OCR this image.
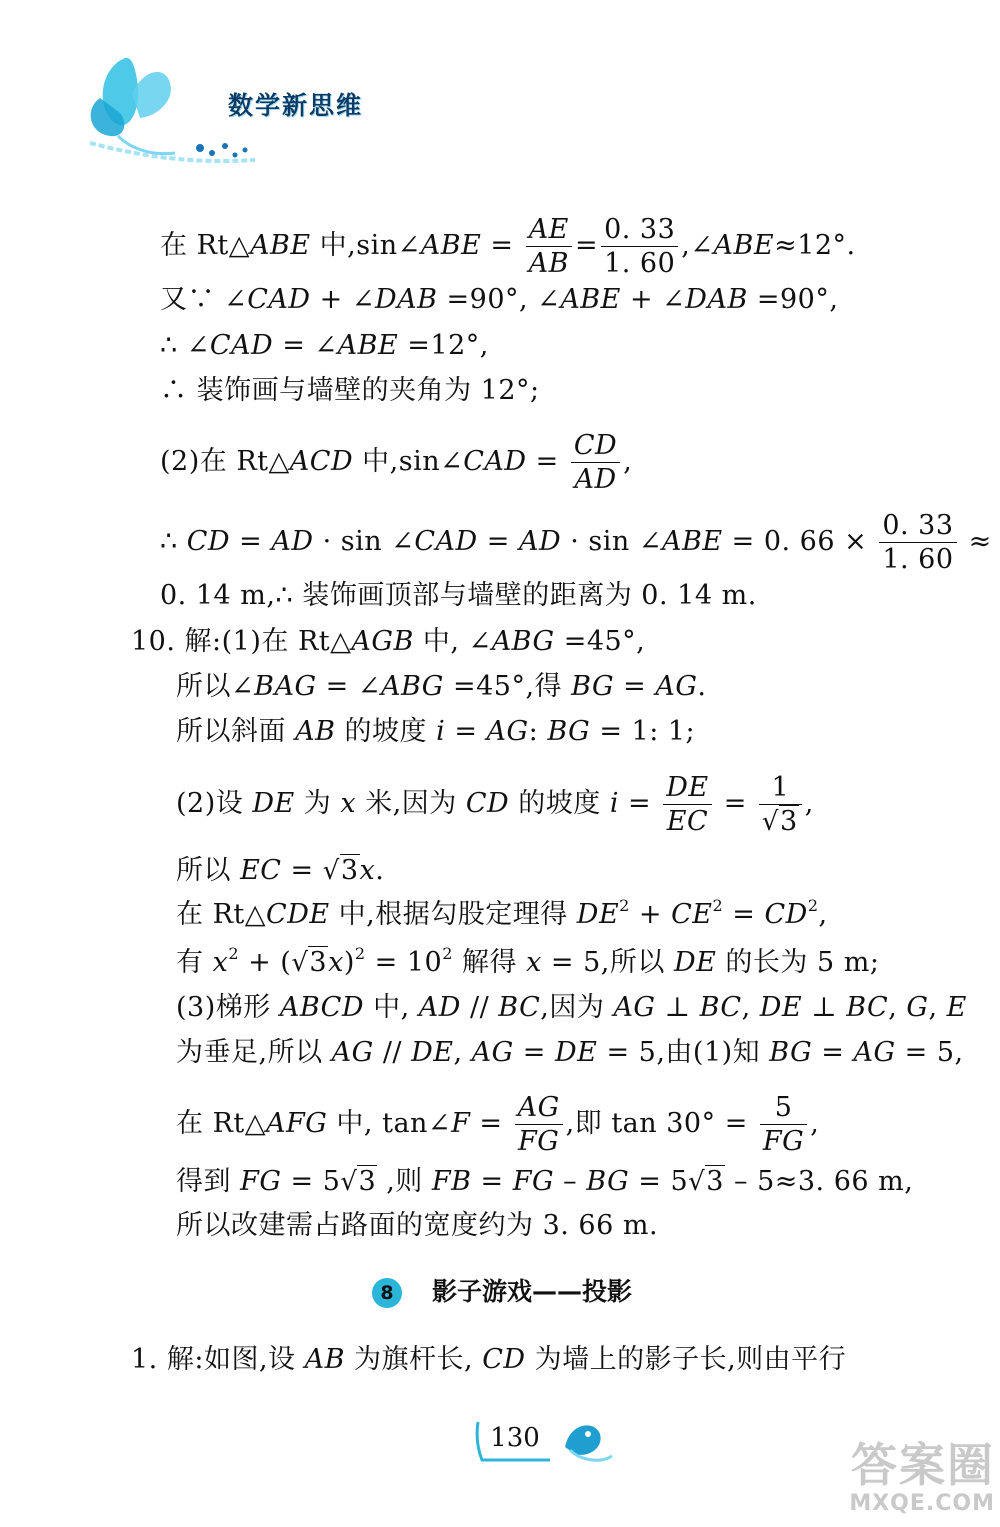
数学新思维
在 Rt△ABE 中,sin∠ABE = $\frac{AE}{AB} = \frac{0. 33}{1. 60}$ ,∠ABE≈12°.
又∵ ∠CAD + ∠DAB =90°, ∠ABE + ∠DAB =90°,
∴ ∠CAD = ∠ABE =12°,
∴ 装饰画与墙壁的夹角为 12°;
(2)在 Rt△ACD 中,sin∠CAD = $\frac{CD}{AD}$ ,
∴ CD = AD · sin ∠CAD = AD · sin ∠ABE = 0. $66 \times \frac{0. 33}{1. 60}$ ≈
0. 14 m,∴ 装饰画顶部与墙壁的距离为 0. 14 m.
10. 解:(1)在 Rt△AGB 中, ∠ABG =45°,
所以∠BAG = ∠ABG =45°,得 BG = AG.
所以斜面 AB 的坡度 i = AG: BG = 1: 1;
(2)设 DE 为 x 米,因为 CD 的坡度 $i = \frac{DE}{EC} = \frac{1}{√3}$ ,
所以 EC = √3x.
在 Rt△CDE 中,根据勾股定理得 $DE^2 + CE^2 = CD^2$,
有 $x^2 + (√3x)^2 = 10^2$ 解得 x = 5,所以 DE 的长为 5 m;
(3)梯形 ABCD 中, AD // BC,因为 AG ⊥ BC, DE ⊥ BC, G, E
为垂足,所以 AG // DE, AG = DE = 5,由(1)知 BG = AG = 5,
在 Rt△AFG 中, tan∠F = $\frac{AG}{FG}$ ,即 $\tan 30^\circ = \frac{5}{FG}$ ,
得到 FG = 5√3 ,则 FB = FG – BG = 5√3 – 5≈3. 66 m,
所以改建需占路面的宽度约为 3. 66 m.
8 影子游戏——投影
1. 解:如图,设 AB 为旗杆长, CD 为墙上的影子长,则由平行
130	答案圈
MXQE.COM
